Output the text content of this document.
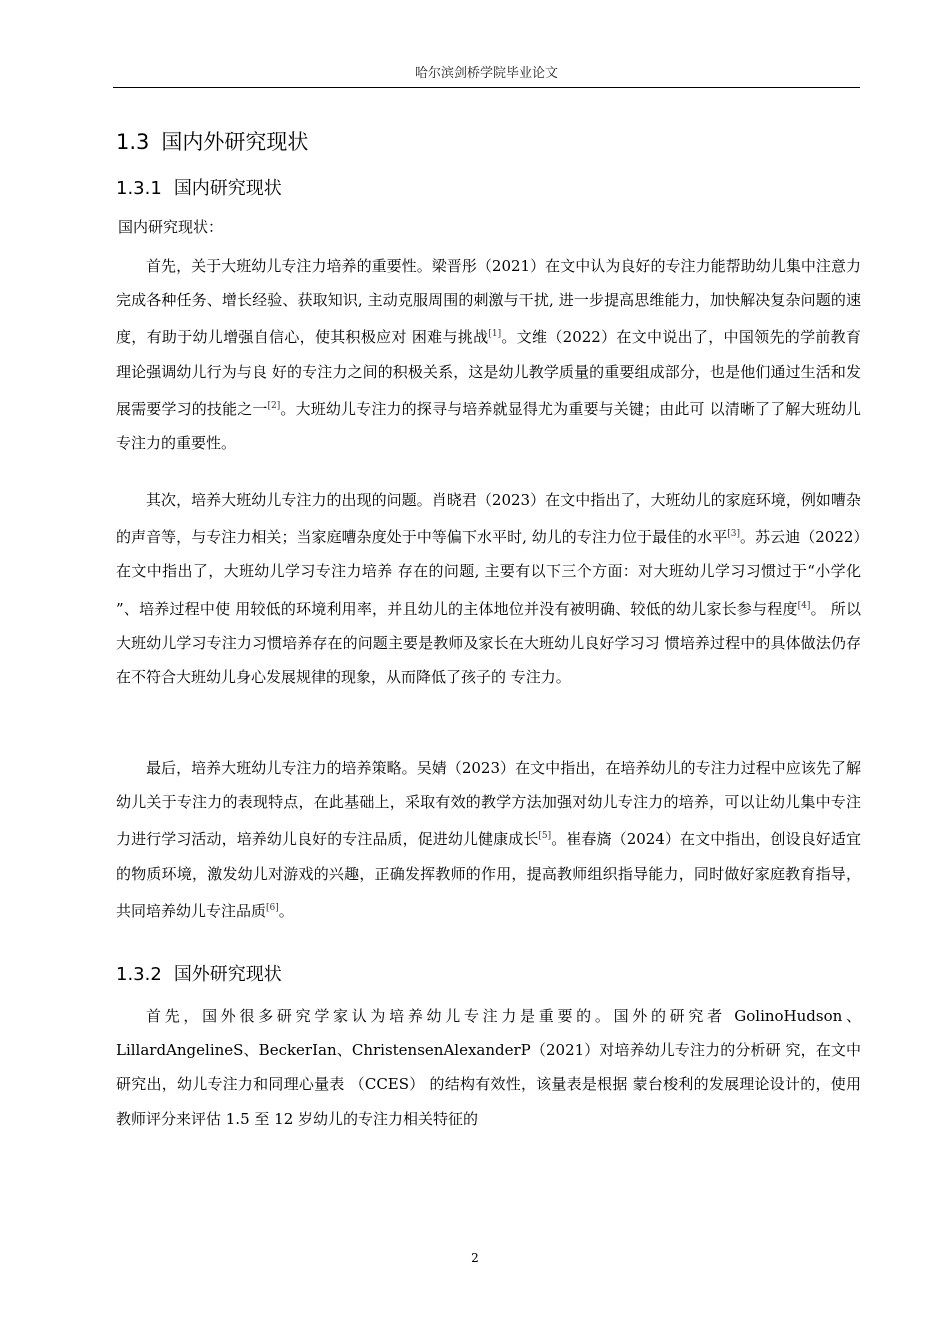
哈尔滨剑桥学院毕业论文
1.3 国内外研究现状
1.3.1 国内研究现状
国内研究现状：

首先，关于大班幼儿专注力培养的重要性。梁晋彤（2021）在文中认为良好的专注力能帮助幼儿集中注意力完成各种任务、增长经验、获取知识, 主动克服周围的刺激与干扰, 进一步提高思维能力，加快解决复杂问题的速度，有助于幼儿增强自信心，使其积极应对 困难与挑战[1]。文维（2022）在文中说出了，中国领先的学前教育理论强调幼儿行为与良 好的专注力之间的积极关系，这是幼儿教学质量的重要组成部分，也是他们通过生活和发 展需要学习的技能之一[2]。大班幼儿专注力的探寻与培养就显得尤为重要与关键；由此可 以清晰了了解大班幼儿专注力的重要性。

其次，培养大班幼儿专注力的出现的问题。肖晓君（2023）在文中指出了，大班幼儿的家庭环境，例如嘈杂的声音等，与专注力相关；当家庭嘈杂度处于中等偏下水平时, 幼儿的专注力位于最佳的水平[3]。苏云迪（2022）在文中指出了，大班幼儿学习专注力培养 存在的问题, 主要有以下三个方面：对大班幼儿学习习惯过于“小学化 ”、培养过程中使 用较低的环境利用率，并且幼儿的主体地位并没有被明确、较低的幼儿家长参与程度[4]。 所以大班幼儿学习专注力习惯培养存在的问题主要是教师及家长在大班幼儿良好学习习 惯培养过程中的具体做法仍存在不符合大班幼儿身心发展规律的现象，从而降低了孩子的 专注力。

最后，培养大班幼儿专注力的培养策略。吴婧（2023）在文中指出，在培养幼儿的专注力过程中应该先了解幼儿关于专注力的表现特点，在此基础上，采取有效的教学方法加强对幼儿专注力的培养，可以让幼儿集中专注力进行学习活动，培养幼儿良好的专注品质，促进幼儿健康成长[5]。崔春旖（2024）在文中指出，创设良好适宜的物质环境，激发幼儿对游戏的兴趣，正确发挥教师的作用，提高教师组织指导能力，同时做好家庭教育指导，共同培养幼儿专注品质[6]。

1.3.2 国外研究现状

首先，国外很多研究学家认为培养幼儿专注力是重要的。国外的研究者 GolinoHudson、 LillardAngelineS、BeckerIan、ChristensenAlexanderP（2021）对培养幼儿专注力的分析研 究，在文中研究出，幼儿专注力和同理心量表 （CCES） 的结构有效性，该量表是根据 蒙台梭利的发展理论设计的，使用教师评分来评估 1.5 至 12 岁幼儿的专注力相关特征的

2
